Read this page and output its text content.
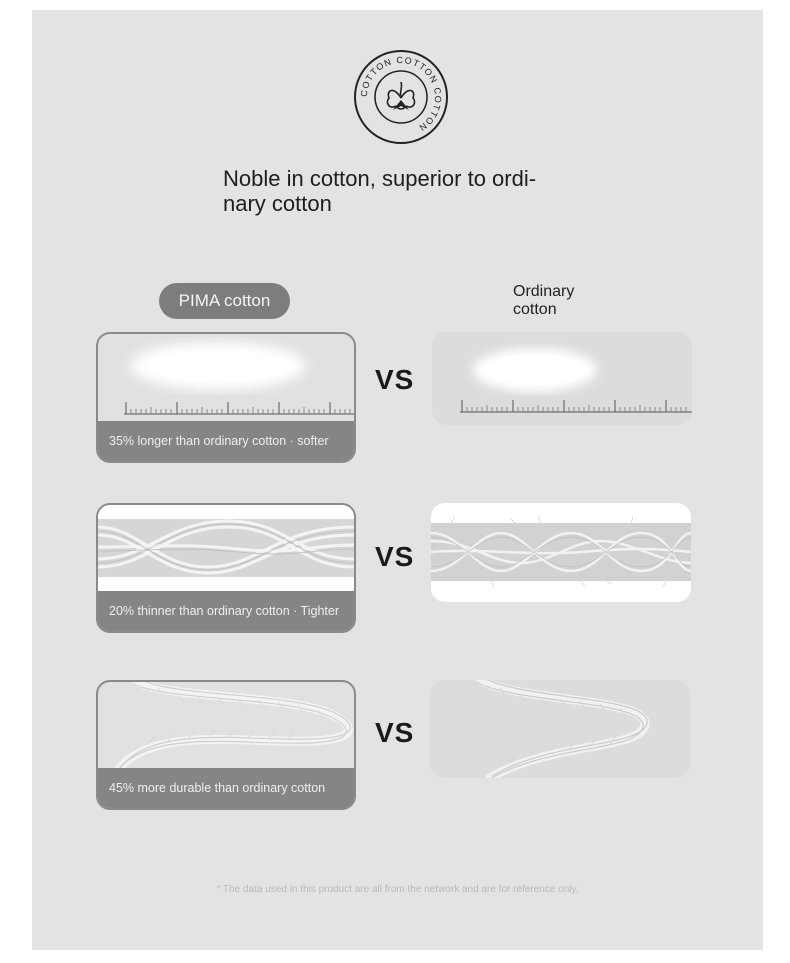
COTTON COTTON COTTON
Noble in cotton, superior to ordi-
nary cotton
PIMA cotton	Ordinary
cotton
35% longer than ordinary cotton · softer
VS
20% thinner than ordinary cotton · Tighter
VS
45% more durable than ordinary cotton
VS
* The data used in this product are all from the network and are for reference only.
